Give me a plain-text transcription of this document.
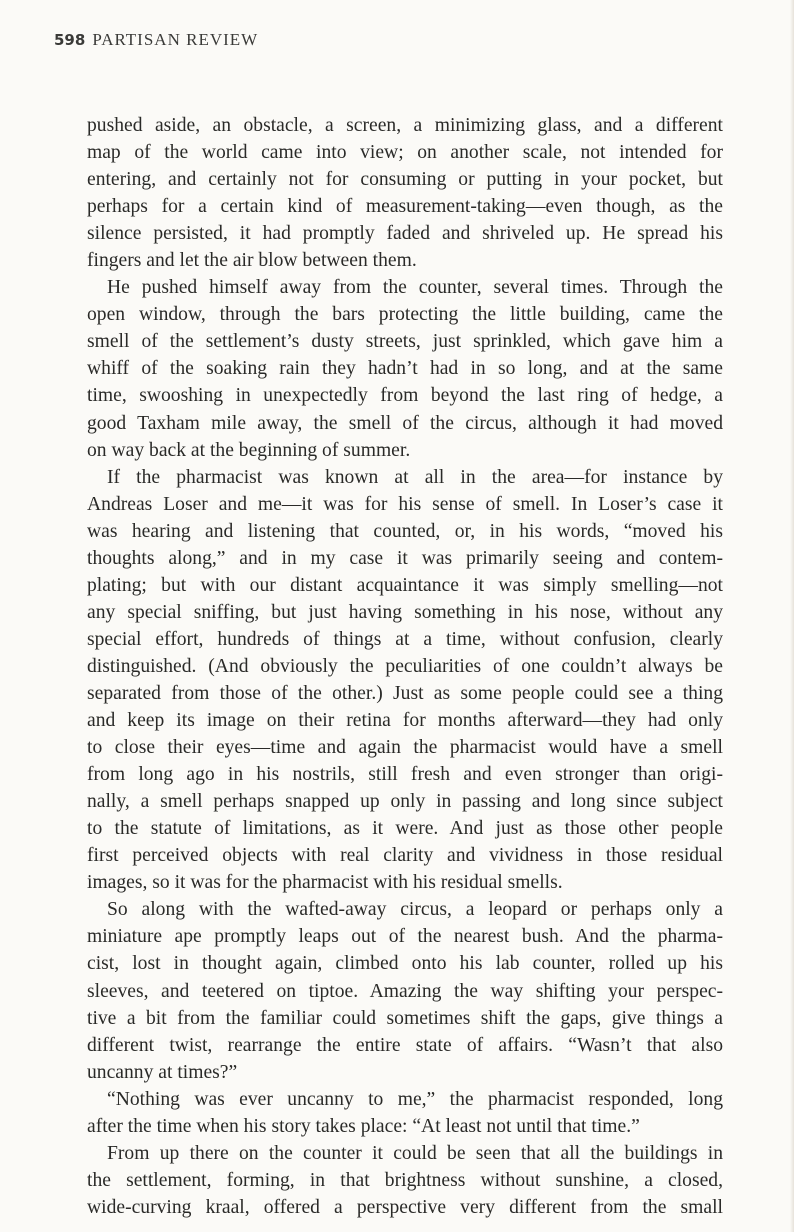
598 PARTISAN REVIEW
pushed aside, an obstacle, a screen, a minimizing glass, and a different
map of the world came into view; on another scale, not intended for
entering, and certainly not for consuming or putting in your pocket, but
perhaps for a certain kind of measurement-taking—even though, as the
silence persisted, it had promptly faded and shriveled up. He spread his
fingers and let the air blow between them.
He pushed himself away from the counter, several times. Through the
open window, through the bars protecting the little building, came the
smell of the settlement’s dusty streets, just sprinkled, which gave him a
whiff of the soaking rain they hadn’t had in so long, and at the same
time, swooshing in unexpectedly from beyond the last ring of hedge, a
good Taxham mile away, the smell of the circus, although it had moved
on way back at the beginning of summer.
If the pharmacist was known at all in the area—for instance by
Andreas Loser and me—it was for his sense of smell. In Loser’s case it
was hearing and listening that counted, or, in his words, “moved his
thoughts along,” and in my case it was primarily seeing and contem-
plating; but with our distant acquaintance it was simply smelling—not
any special sniffing, but just having something in his nose, without any
special effort, hundreds of things at a time, without confusion, clearly
distinguished. (And obviously the peculiarities of one couldn’t always be
separated from those of the other.) Just as some people could see a thing
and keep its image on their retina for months afterward—they had only
to close their eyes—time and again the pharmacist would have a smell
from long ago in his nostrils, still fresh and even stronger than origi-
nally, a smell perhaps snapped up only in passing and long since subject
to the statute of limitations, as it were. And just as those other people
first perceived objects with real clarity and vividness in those residual
images, so it was for the pharmacist with his residual smells.
So along with the wafted-away circus, a leopard or perhaps only a
miniature ape promptly leaps out of the nearest bush. And the pharma-
cist, lost in thought again, climbed onto his lab counter, rolled up his
sleeves, and teetered on tiptoe. Amazing the way shifting your perspec-
tive a bit from the familiar could sometimes shift the gaps, give things a
different twist, rearrange the entire state of affairs. “Wasn’t that also
uncanny at times?”
“Nothing was ever uncanny to me,” the pharmacist responded, long
after the time when his story takes place: “At least not until that time.”
From up there on the counter it could be seen that all the buildings in
the settlement, forming, in that brightness without sunshine, a closed,
wide-curving kraal, offered a perspective very different from the small
